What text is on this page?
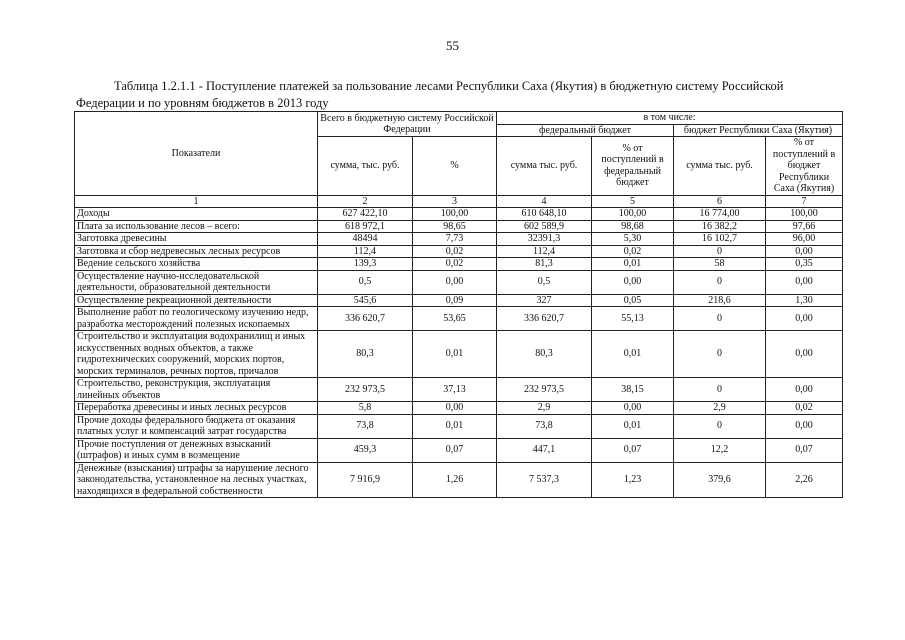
55
Таблица 1.2.1.1 - Поступление платежей за пользование лесами Республики Саха (Якутия) в бюджетную систему Российской
Федерации и по уровням бюджетов в 2013 году
Показатели	Всего в бюджетную систему Российской Федерации		в том числе:			
			федеральный бюджет		бюджет Республики Саха (Якутия)	
	сумма, тыс. руб.	%	сумма тыс. руб.	% от поступлений в федеральный бюджет	сумма тыс. руб.	% от поступлений в бюджет Республики Саха (Якутия)
1	2	3	4	5	6	7
Доходы	627 422,10	100,00	610 648,10	100,00	16 774,00	100,00
Плата за использование лесов – всего:	618 972,1	98,65	602 589,9	98,68	16 382,2	97,66
Заготовка древесины	48494	7,73	32391,3	5,30	16 102,7	96,00
Заготовка и сбор недревесных лесных ресурсов	112,4	0,02	112,4	0,02	0	0,00
Ведение сельского хозяйства	139,3	0,02	81,3	0,01	58	0,35
Осуществление научно-исследовательской деятельности, образовательной деятельности	0,5	0,00	0,5	0,00	0	0,00
Осуществление рекреационной деятельности	545,6	0,09	327	0,05	218,6	1,30
Выполнение работ по геологическому изучению недр, разработка месторождений полезных ископаемых	336 620,7	53,65	336 620,7	55,13	0	0,00
Строительство и эксплуатация водохранилищ и иных искусственных водных объектов, а также гидротехнических сооружений, морских портов, морских терминалов, речных портов, причалов	80,3	0,01	80,3	0,01	0	0,00
Строительство, реконструкция, эксплуатация линейных объектов	232 973,5	37,13	232 973,5	38,15	0	0,00
Переработка древесины и иных лесных ресурсов	5,8	0,00	2,9	0,00	2,9	0,02
Прочие доходы федерального бюджета от оказания платных услуг и компенсаций затрат государства	73,8	0,01	73,8	0,01	0	0,00
Прочие поступления от денежных взысканий (штрафов) и иных сумм в возмещение	459,3	0,07	447,1	0,07	12,2	0,07
Денежные (взыскания) штрафы за нарушение лесного законодательства, установленное на лесных участках, находящихся в федеральной собственности	7 916,9	1,26	7 537,3	1,23	379,6	2,26
